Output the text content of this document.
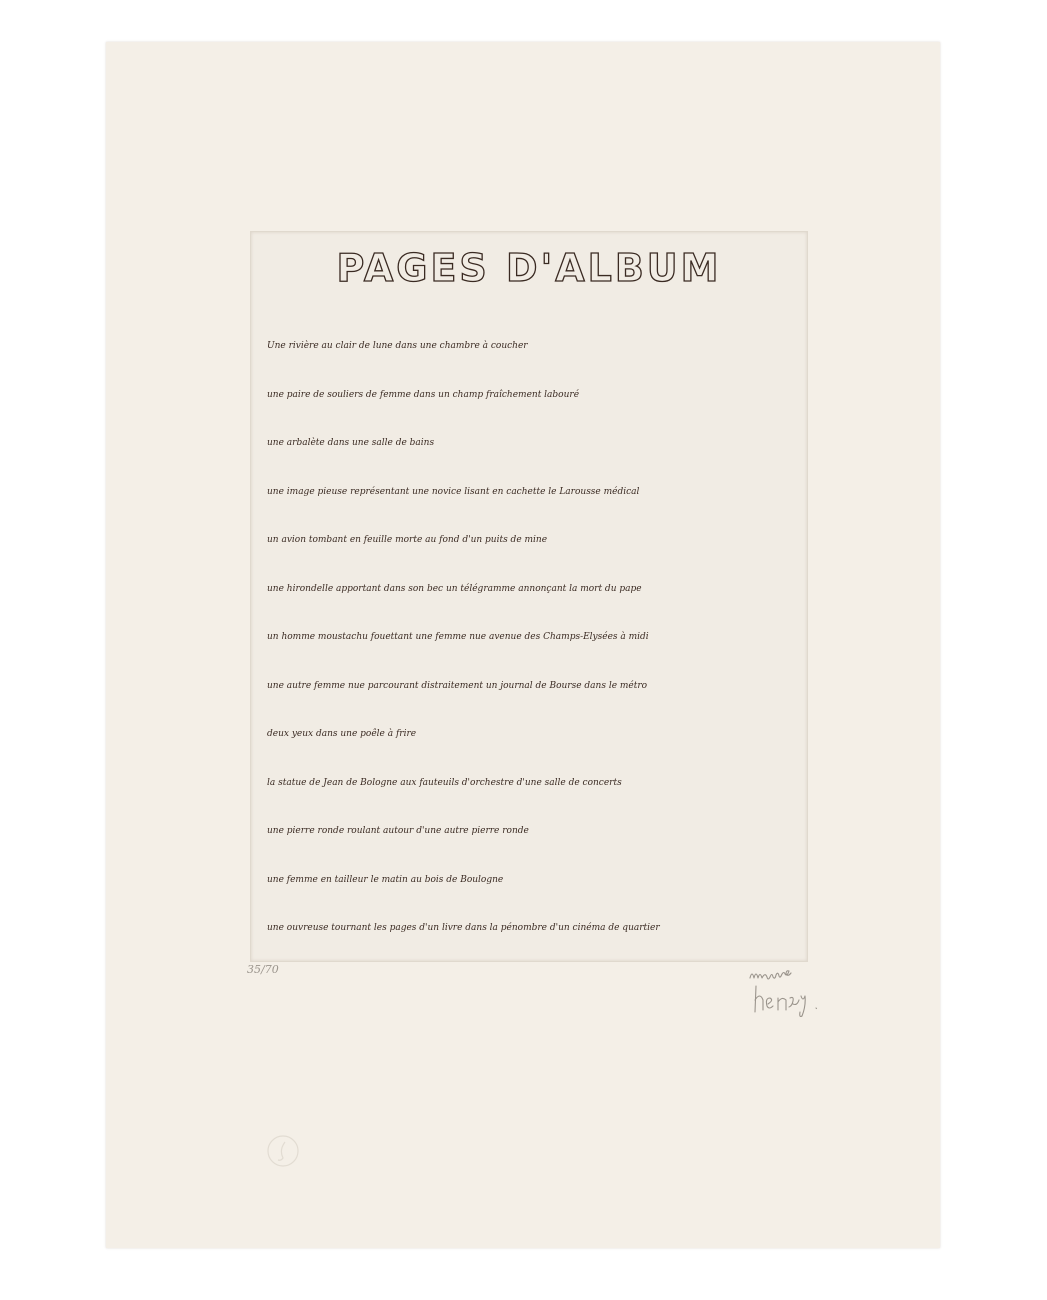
PAGES D'ALBUM
Une rivière au clair de lune dans une chambre à coucher
une paire de souliers de femme dans un champ fraîchement labouré
une arbalète dans une salle de bains
une image pieuse représentant une novice lisant en cachette le Larousse médical
un avion tombant en feuille morte au fond d'un puits de mine
une hirondelle apportant dans son bec un télégramme annonçant la mort du pape
un homme moustachu fouettant une femme nue avenue des Champs-Elysées à midi
une autre femme nue parcourant distraitement un journal de Bourse dans le métro
deux yeux dans une poêle à frire
la statue de Jean de Bologne aux fauteuils d'orchestre d'une salle de concerts
une pierre ronde roulant autour d'une autre pierre ronde
une femme en tailleur le matin au bois de Boulogne
une ouvreuse tournant les pages d'un livre dans la pénombre d'un cinéma de quartier
35/70
